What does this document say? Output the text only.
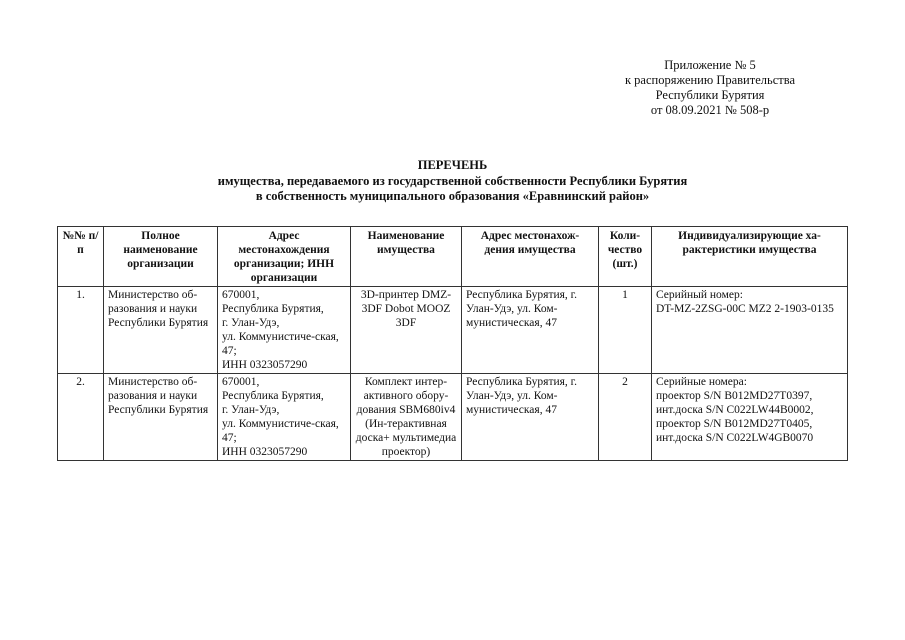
Приложение № 5
к распоряжению Правительства
Республики Бурятия
от 08.09.2021 № 508-р
ПЕРЕЧЕНЬ
имущества, передаваемого из государственной собственности Республики Бурятия
в собственность муниципального образования «Еравнинский район»
№№ п/п	Полное наименование организации	Адрес местонахождения организации; ИНН организации	Наименование имущества	Адрес местонахож-дения имущества	Коли-чество (шт.)	Индивидуализирующие ха-рактеристики имущества
1.	Министерство об-разования и науки Республики Бурятия	670001,
Республика Бурятия,
г. Улан-Удэ,
ул. Коммунистиче-ская, 47;
ИНН 0323057290	3D-принтер DMZ-3DF Dobot MOOZ 3DF	Республика Бурятия, г. Улан-Удэ, ул. Ком-мунистическая, 47	1	Серийный номер:
DT-MZ-2ZSG-00C MZ2 2-1903-0135

2.	Министерство об-разования и науки Республики Бурятия	670001,
Республика Бурятия,
г. Улан-Удэ,
ул. Коммунистиче-ская, 47;
ИНН 0323057290	Комплект интер-активного обору-дования SBM680iv4 (Ин-терактивная доска+ мультимедиа проектор)	Республика Бурятия, г. Улан-Удэ, ул. Ком-мунистическая, 47	2	Серийные номера:
проектор S/N B012MD27T0397,
инт.доска S/N C022LW44B0002,
проектор S/N B012MD27T0405,
инт.доска S/N C022LW4GB0070
